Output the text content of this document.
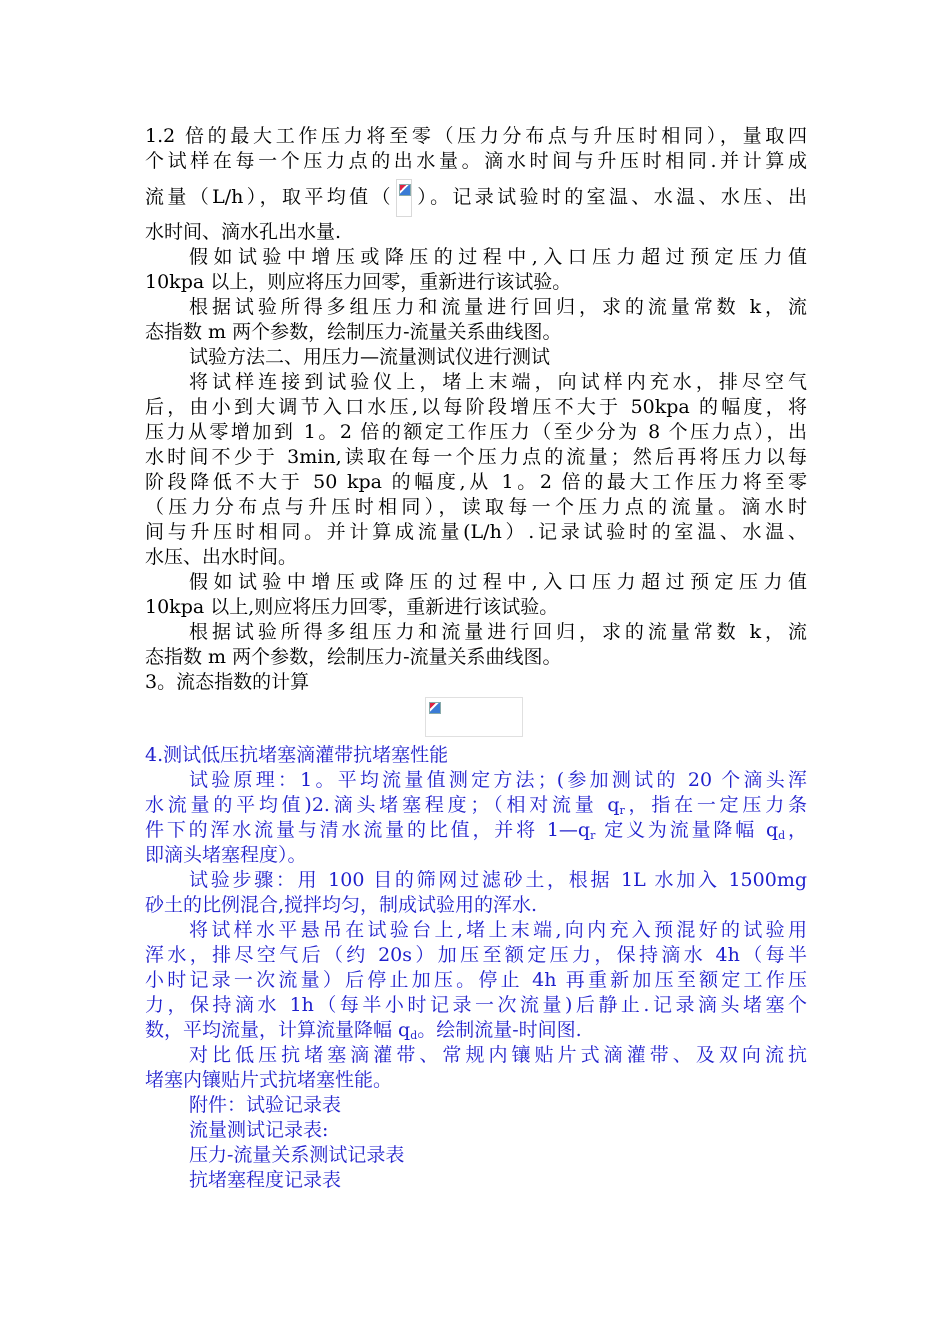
1.2 倍的最大工作压力将至零（压力分布点与升压时相同），量取四
个试样在每一个压力点的出水量。滴水时间与升压时相同.并计算成
流量（L/h），取平均值（ ）。记录试验时的室温、水温、水压、出
水时间、滴水孔出水量.
假如试验中增压或降压的过程中,入口压力超过预定压力值
10kpa 以上，则应将压力回零，重新进行该试验。
根据试验所得多组压力和流量进行回归，求的流量常数 k，流
态指数 m 两个参数，绘制压力-流量关系曲线图。
试验方法二、用压力—流量测试仪进行测试
将试样连接到试验仪上，堵上末端，向试样内充水，排尽空气
后，由小到大调节入口水压,以每阶段增压不大于 50kpa 的幅度，将
压力从零增加到 1。2 倍的额定工作压力（至少分为 8 个压力点），出
水时间不少于 3min,读取在每一个压力点的流量；然后再将压力以每
阶段降低不大于 50 kpa 的幅度,从 1。2 倍的最大工作压力将至零
（压力分布点与升压时相同），读取每一个压力点的流量。滴水时
间与升压时相同。并计算成流量(L/h）.记录试验时的室温、水温、
水压、出水时间。
假如试验中增压或降压的过程中,入口压力超过预定压力值
10kpa 以上,则应将压力回零，重新进行该试验。
根据试验所得多组压力和流量进行回归，求的流量常数 k，流
态指数 m 两个参数，绘制压力-流量关系曲线图。
3。流态指数的计算
4.测试低压抗堵塞滴灌带抗堵塞性能
试验原理：1。平均流量值测定方法；(参加测试的 20 个滴头浑
水流量的平均值)2.滴头堵塞程度；（相对流量 $q_r$，指在一定压力条
件下的浑水流量与清水流量的比值，并将 $1—q_r$ 定义为流量降幅 $q_d$，
即滴头堵塞程度）。
试验步骤：用 100 目的筛网过滤砂土，根据 1L 水加入 1500mg
砂土的比例混合,搅拌均匀，制成试验用的浑水.
将试样水平悬吊在试验台上,堵上末端,向内充入预混好的试验用
浑水，排尽空气后（约 20s）加压至额定压力，保持滴水 4h（每半
小时记录一次流量）后停止加压。停止 4h 再重新加压至额定工作压
力，保持滴水 1h（每半小时记录一次流量)后静止.记录滴头堵塞个
数，平均流量，计算流量降幅 $q_d$。绘制流量-时间图.
对比低压抗堵塞滴灌带、常规内镶贴片式滴灌带、及双向流抗
堵塞内镶贴片式抗堵塞性能。
附件：试验记录表
流量测试记录表:
压力-流量关系测试记录表
抗堵塞程度记录表
